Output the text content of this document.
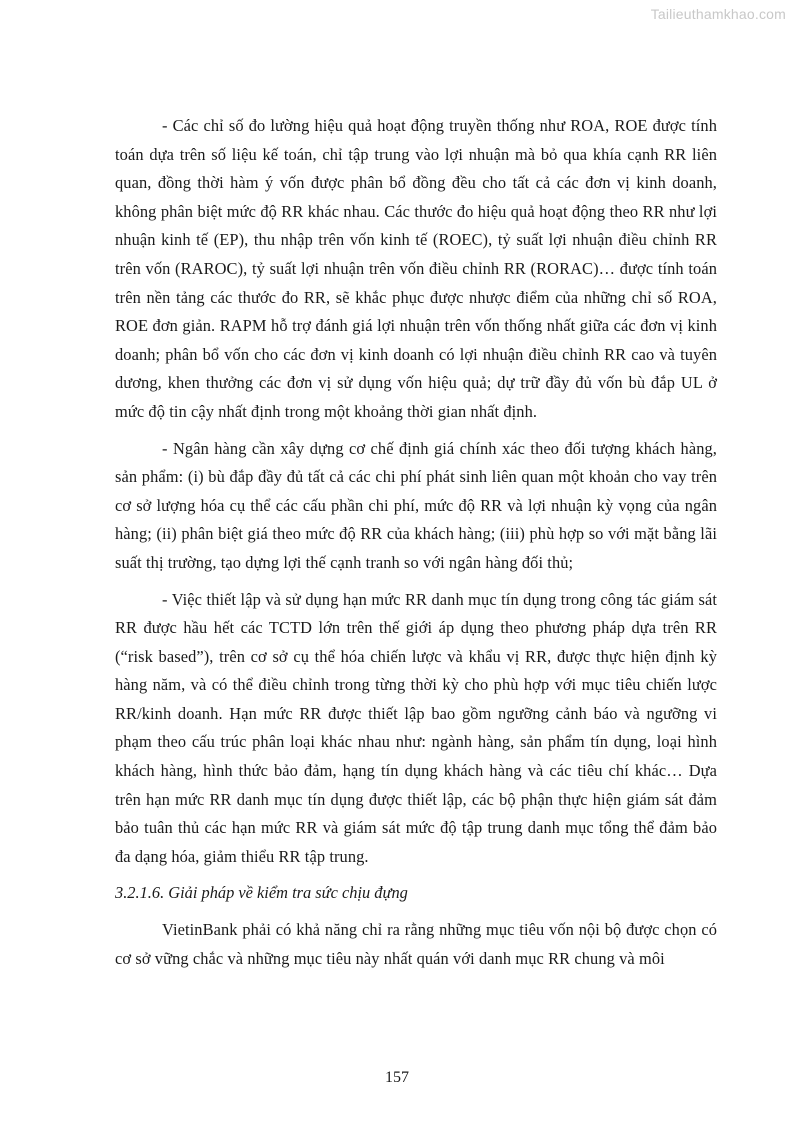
Tailieuthamkhao.com

- Các chỉ số đo lường hiệu quả hoạt động truyền thống như ROA, ROE được tính toán dựa trên số liệu kế toán, chỉ tập trung vào lợi nhuận mà bỏ qua khía cạnh RR liên quan, đồng thời hàm ý vốn được phân bổ đồng đều cho tất cả các đơn vị kinh doanh, không phân biệt mức độ RR khác nhau. Các thước đo hiệu quả hoạt động theo RR như lợi nhuận kinh tế (EP), thu nhập trên vốn kinh tế (ROEC), tỷ suất lợi nhuận điều chỉnh RR trên vốn (RAROC), tỷ suất lợi nhuận trên vốn điều chỉnh RR (RORAC)… được tính toán trên nền tảng các thước đo RR, sẽ khắc phục được nhược điểm của những chỉ số ROA, ROE đơn giản. RAPM hỗ trợ đánh giá lợi nhuận trên vốn thống nhất giữa các đơn vị kinh doanh; phân bổ vốn cho các đơn vị kinh doanh có lợi nhuận điều chỉnh RR cao và tuyên dương, khen thưởng các đơn vị sử dụng vốn hiệu quả; dự trữ đầy đủ vốn bù đắp UL ở mức độ tin cậy nhất định trong một khoảng thời gian nhất định.

- Ngân hàng cần xây dựng cơ chế định giá chính xác theo đối tượng khách hàng, sản phẩm: (i) bù đắp đầy đủ tất cả các chi phí phát sinh liên quan một khoản cho vay trên cơ sở lượng hóa cụ thể các cấu phần chi phí, mức độ RR và lợi nhuận kỳ vọng của ngân hàng; (ii) phân biệt giá theo mức độ RR của khách hàng; (iii) phù hợp so với mặt bằng lãi suất thị trường, tạo dựng lợi thế cạnh tranh so với ngân hàng đối thủ;

- Việc thiết lập và sử dụng hạn mức RR danh mục tín dụng trong công tác giám sát RR được hầu hết các TCTD lớn trên thế giới áp dụng theo phương pháp dựa trên RR (“risk based”), trên cơ sở cụ thể hóa chiến lược và khẩu vị RR, được thực hiện định kỳ hàng năm, và có thể điều chỉnh trong từng thời kỳ cho phù hợp với mục tiêu chiến lược RR/kinh doanh. Hạn mức RR được thiết lập bao gồm ngưỡng cảnh báo và ngưỡng vi phạm theo cấu trúc phân loại khác nhau như: ngành hàng, sản phẩm tín dụng, loại hình khách hàng, hình thức bảo đảm, hạng tín dụng khách hàng và các tiêu chí khác… Dựa trên hạn mức RR danh mục tín dụng được thiết lập, các bộ phận thực hiện giám sát đảm bảo tuân thủ các hạn mức RR và giám sát mức độ tập trung danh mục tổng thể đảm bảo đa dạng hóa, giảm thiểu RR tập trung.

3.2.1.6. Giải pháp về kiểm tra sức chịu đựng

VietinBank phải có khả năng chỉ ra rằng những mục tiêu vốn nội bộ được chọn có cơ sở vững chắc và những mục tiêu này nhất quán với danh mục RR chung và môi

157
